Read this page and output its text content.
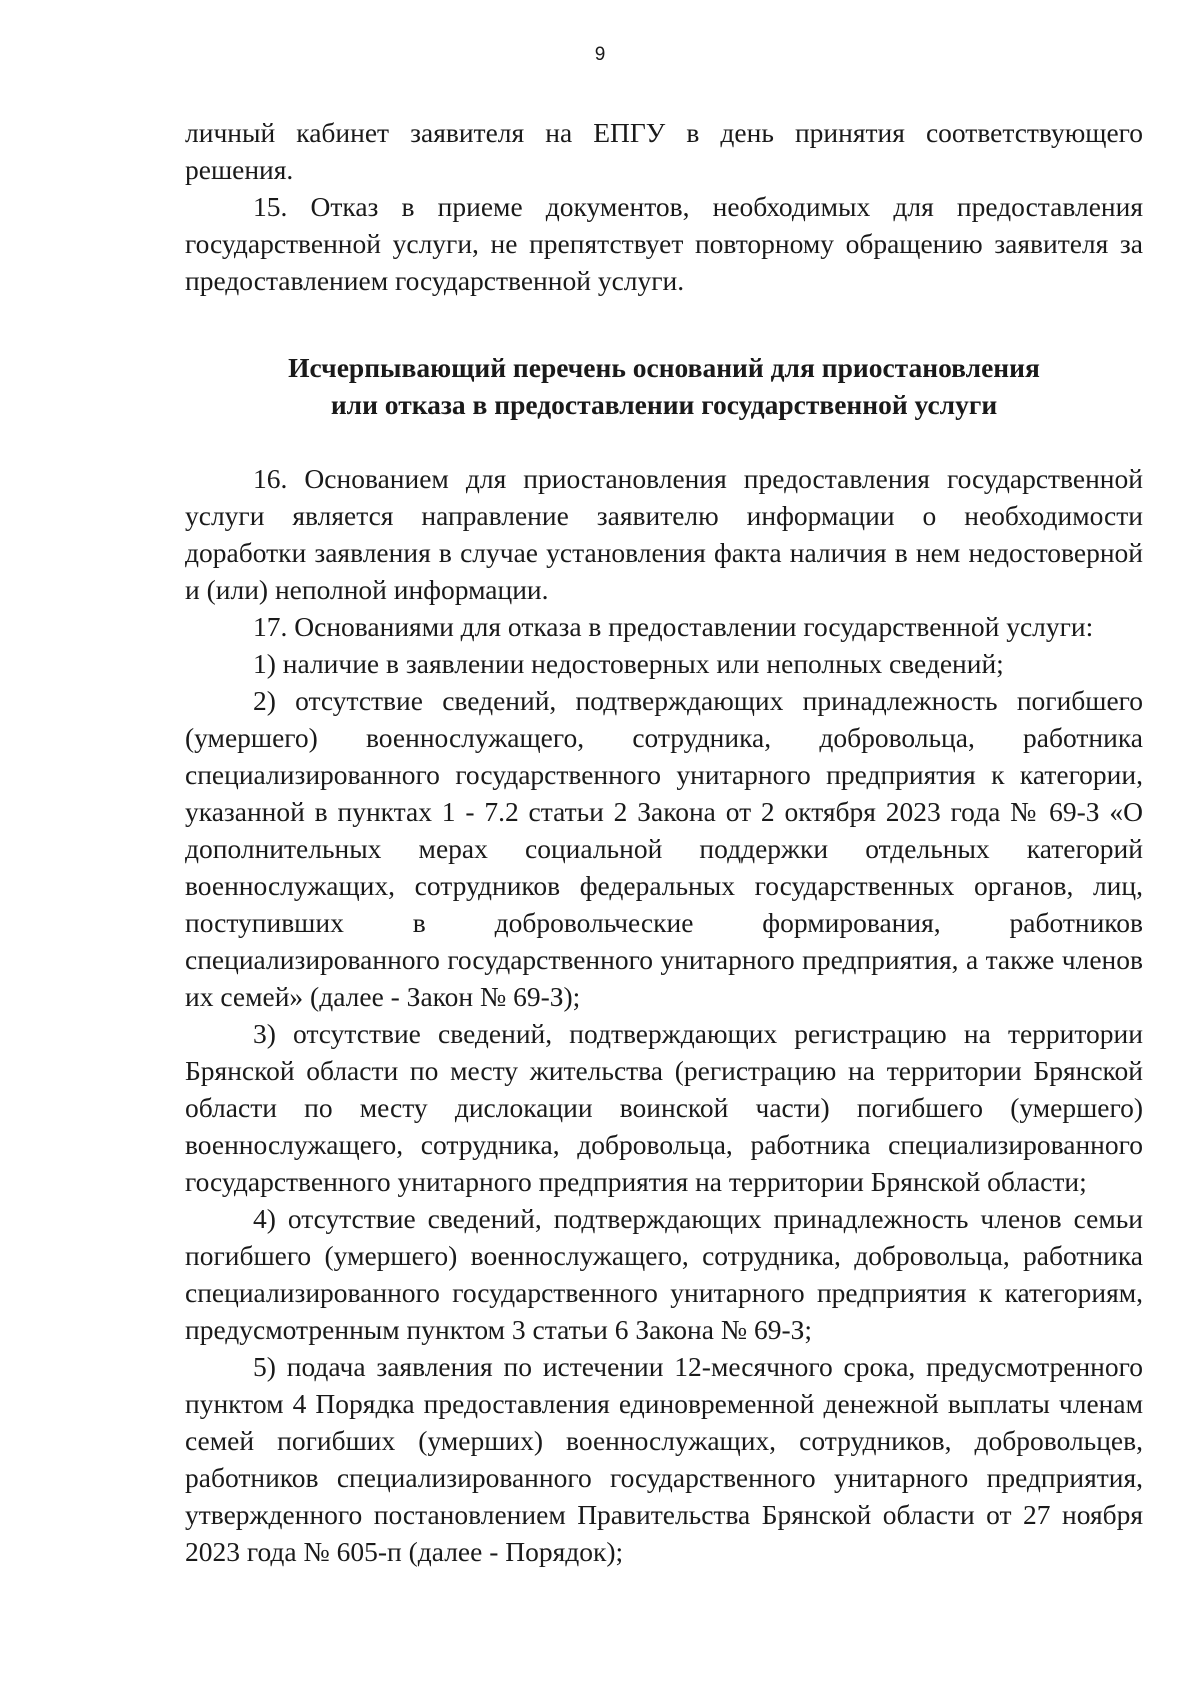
9

личный кабинет заявителя на ЕПГУ в день принятия соответствующего решения.

15. Отказ в приеме документов, необходимых для предоставления государственной услуги, не препятствует повторному обращению заявителя за предоставлением государственной услуги.

Исчерпывающий перечень оснований для приостановления
или отказа в предоставлении государственной услуги

16. Основанием для приостановления предоставления государственной услуги является направление заявителю информации о необходимости доработки заявления в случае установления факта наличия в нем недостоверной и (или) неполной информации.

17. Основаниями для отказа в предоставлении государственной услуги:

1) наличие в заявлении недостоверных или неполных сведений;

2) отсутствие сведений, подтверждающих принадлежность погибшего (умершего) военнослужащего, сотрудника, добровольца, работника специализированного государственного унитарного предприятия к категории, указанной в пунктах 1 - 7.2 статьи 2 Закона от 2 октября 2023 года № 69-З «О дополнительных мерах социальной поддержки отдельных категорий военнослужащих, сотрудников федеральных государственных органов, лиц, поступивших в добровольческие формирования, работников специализированного государственного унитарного предприятия, а также членов их семей» (далее - Закон № 69-З);

3) отсутствие сведений, подтверждающих регистрацию на территории Брянской области по месту жительства (регистрацию на территории Брянской области по месту дислокации воинской части) погибшего (умершего) военнослужащего, сотрудника, добровольца, работника специализированного государственного унитарного предприятия на территории Брянской области;

4) отсутствие сведений, подтверждающих принадлежность членов семьи погибшего (умершего) военнослужащего, сотрудника, добровольца, работника специализированного государственного унитарного предприятия к категориям, предусмотренным пунктом 3 статьи 6 Закона № 69-З;

5) подача заявления по истечении 12-месячного срока, предусмотренного пунктом 4 Порядка предоставления единовременной денежной выплаты членам семей погибших (умерших) военнослужащих, сотрудников, добровольцев, работников специализированного государственного унитарного предприятия, утвержденного постановлением Правительства Брянской области от 27 ноября 2023 года № 605-п (далее - Порядок);
